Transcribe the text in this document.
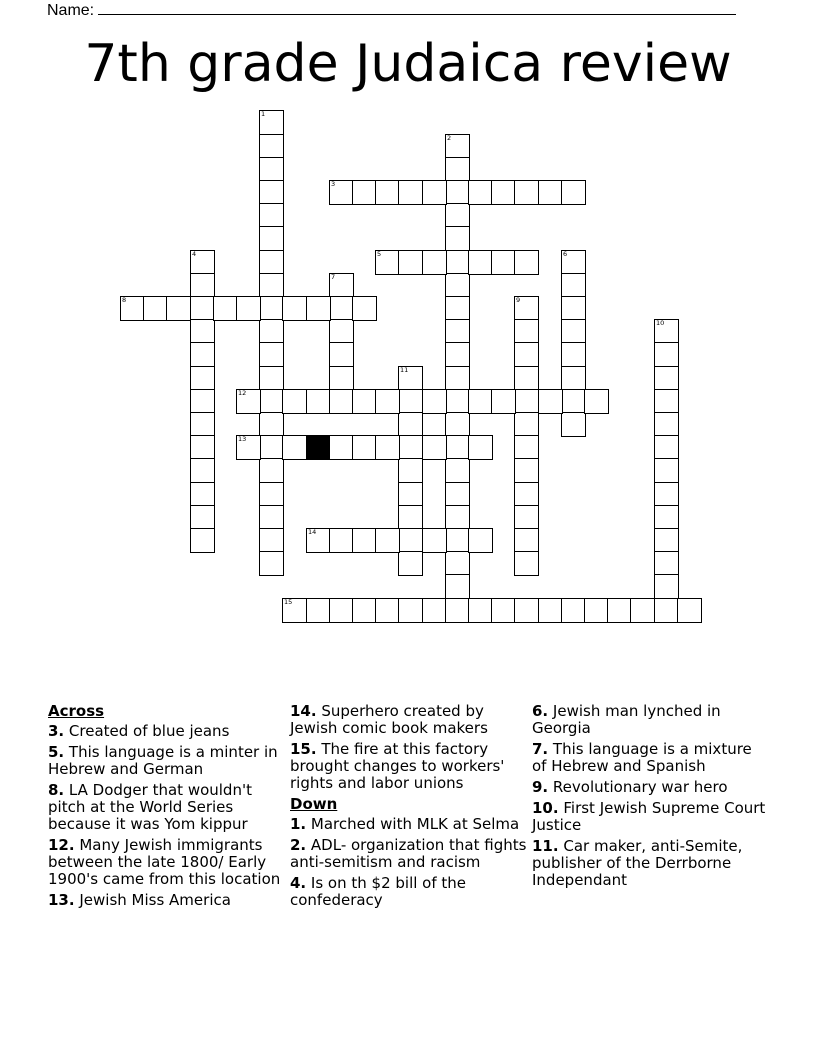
Name:
7th grade Judaica review
1
2
3
4	5	6
7
8	9
10
11
12
13
14
15
Across
3. Created of blue jeans
5. This language is a minter in Hebrew and German
8. LA Dodger that wouldn't pitch at the World Series because it was Yom kippur
12. Many Jewish immigrants between the late 1800/ Early 1900's came from this location
13. Jewish Miss America
14. Superhero created by Jewish comic book makers
15. The fire at this factory brought changes to workers' rights and labor unions
Down
1. Marched with MLK at Selma
2. ADL- organization that fights anti-semitism and racism
4. Is on th $2 bill of the confederacy
6. Jewish man lynched in Georgia
7. This language is a mixture of Hebrew and Spanish
9. Revolutionary war hero
10. First Jewish Supreme Court Justice
11. Car maker, anti-Semite, publisher of the Derrborne Independant
